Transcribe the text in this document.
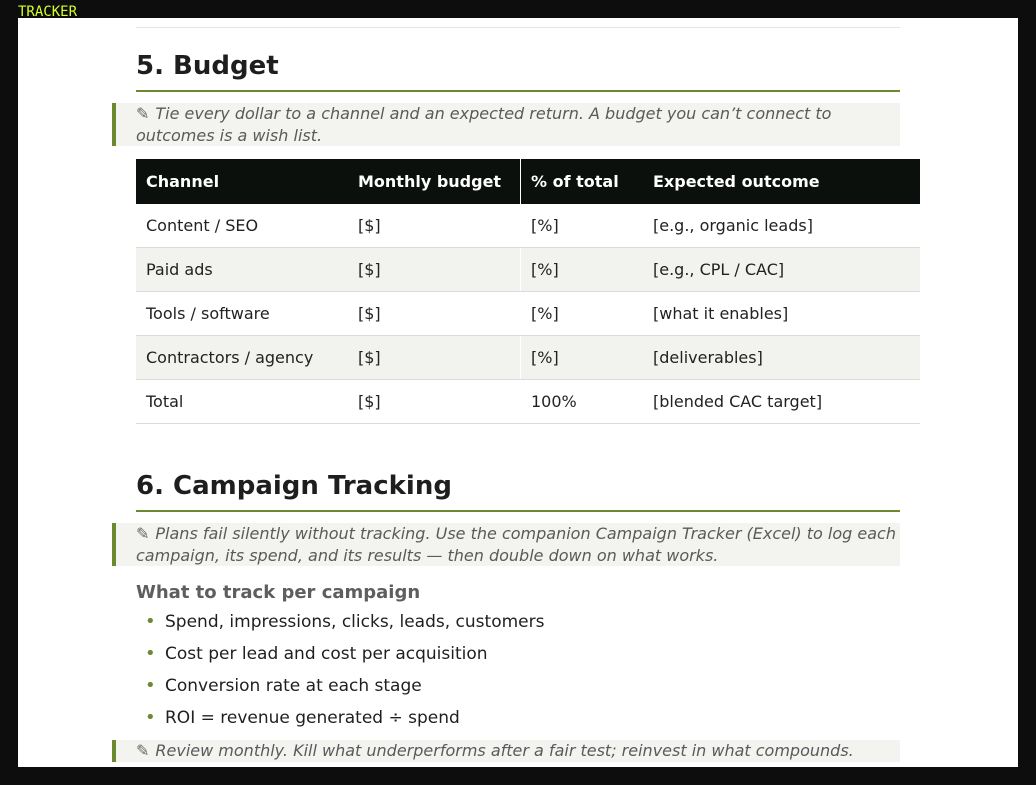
TRACKER
5. Budget
✎ Tie every dollar to a channel and an expected return. A budget you can’t connect to outcomes is a wish list.
Channel	Monthly budget	% of total	Expected outcome
Content / SEO	[$]	[%]	[e.g., organic leads]
Paid ads	[$]	[%]	[e.g., CPL / CAC]
Tools / software	[$]	[%]	[what it enables]
Contractors / agency	[$]	[%]	[deliverables]
Total	[$]	100%	[blended CAC target]
6. Campaign Tracking
✎ Plans fail silently without tracking. Use the companion Campaign Tracker (Excel) to log each campaign, its spend, and its results — then double down on what works.
What to track per campaign
• Spend, impressions, clicks, leads, customers
• Cost per lead and cost per acquisition
• Conversion rate at each stage
• ROI = revenue generated ÷ spend
✎ Review monthly. Kill what underperforms after a fair test; reinvest in what compounds.
